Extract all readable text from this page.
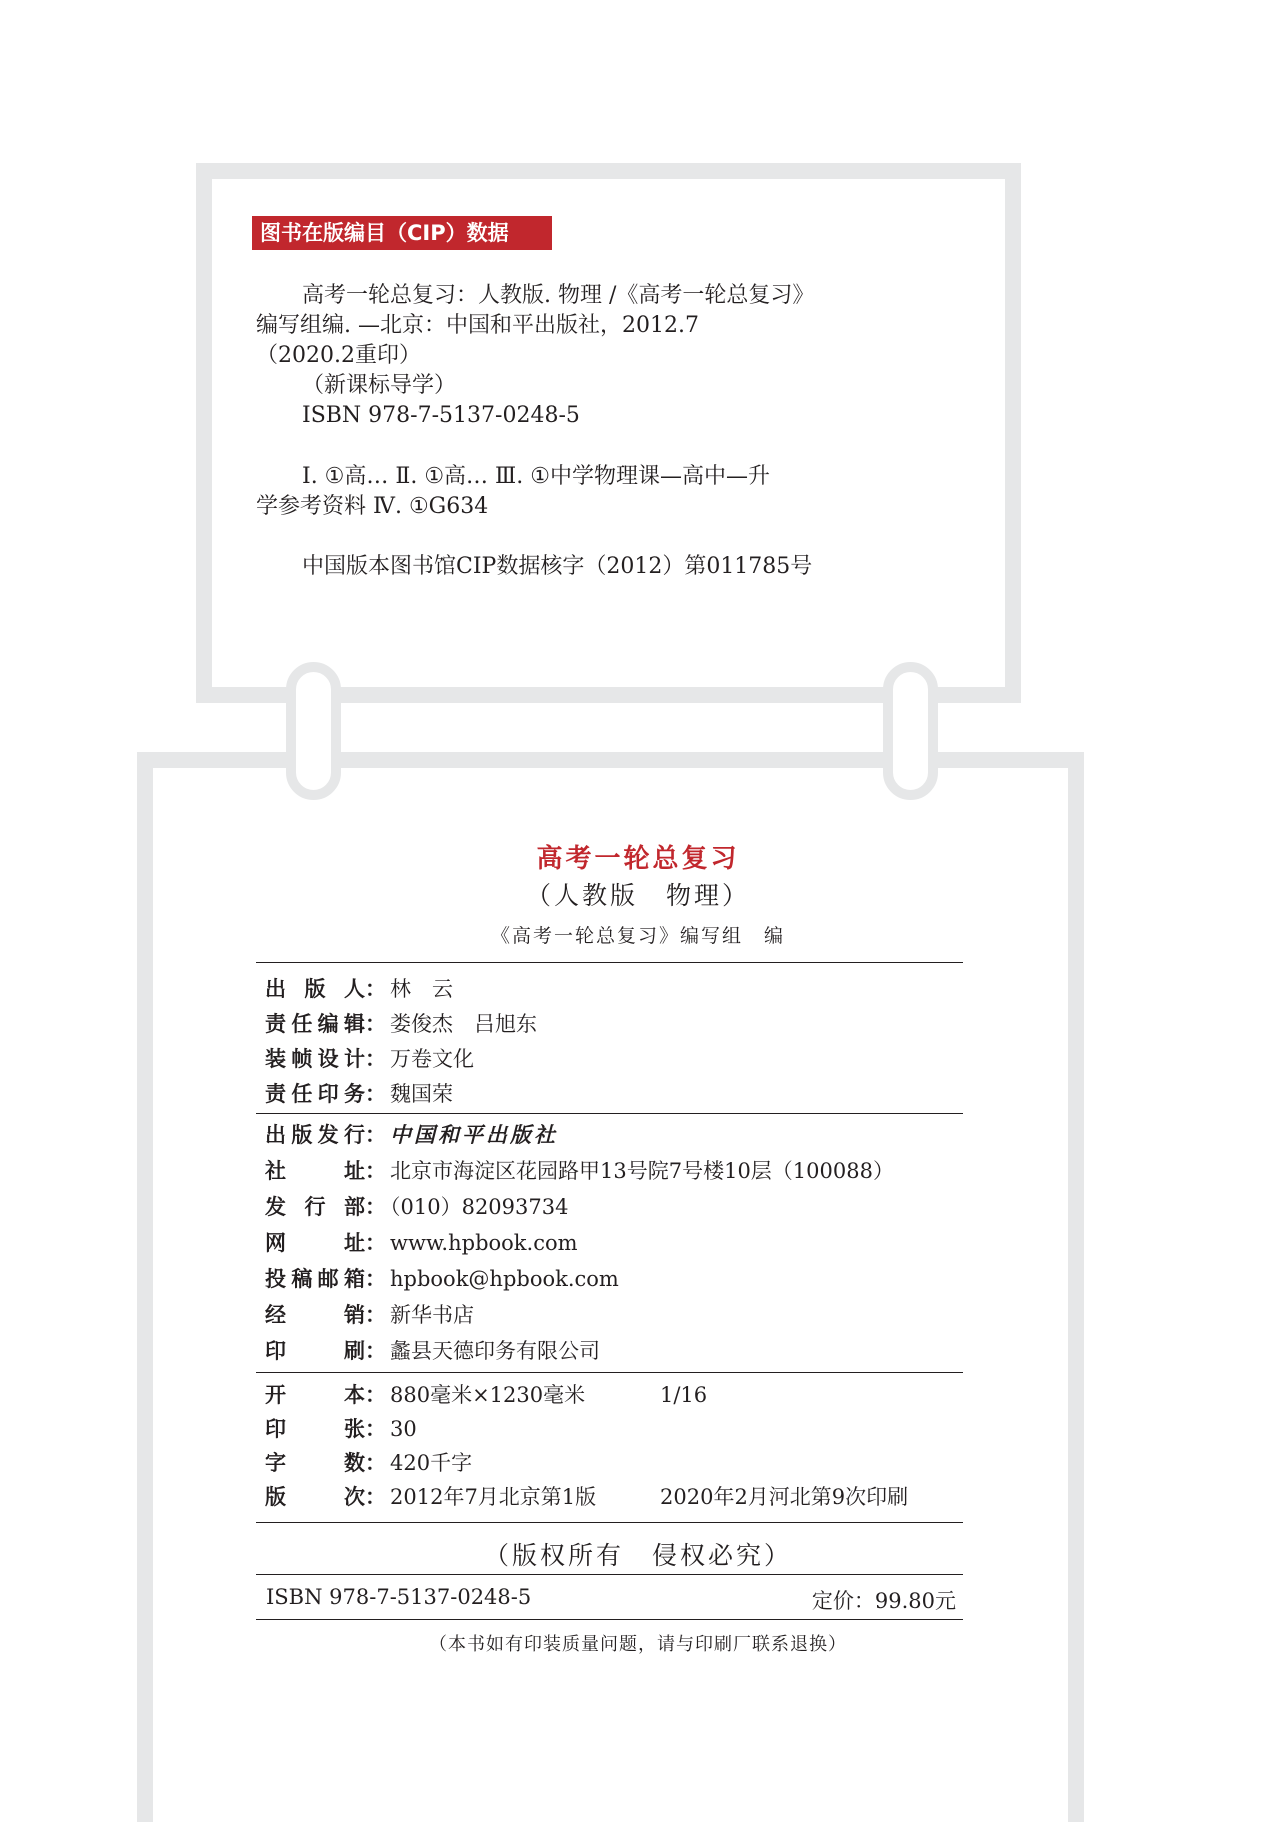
图书在版编目（CIP）数据
高考一轮总复习：人教版. 物理 /《高考一轮总复习》
编写组编. —北京：中国和平出版社，2012.7
（2020.2重印）
（新课标导学）
ISBN 978-7-5137-0248-5
Ⅰ. ①高… Ⅱ. ①高… Ⅲ. ①中学物理课—高中—升
学参考资料 Ⅳ. ①G634
中国版本图书馆CIP数据核字（2012）第011785号
高考一轮总复习
（人教版　物理）
《高考一轮总复习》编写组　编
出版人： 林　云
责任编辑： 娄俊杰　吕旭东
装帧设计： 万卷文化
责任印务： 魏国荣
出版发行： 中国和平出版社
社址： 北京市海淀区花园路甲13号院7号楼10层（100088）
发行部： （010）82093734
网址： www.hpbook.com
投稿邮箱： hpbook@hpbook.com
经销： 新华书店
印刷： 蠡县天德印务有限公司
开本： 880毫米×1230毫米	1/16
印张： 30
字数： 420千字
版次： 2012年7月北京第1版	2020年2月河北第9次印刷
（版权所有　侵权必究）
ISBN 978-7-5137-0248-5	定价：99.80元
（本书如有印装质量问题，请与印刷厂联系退换）
